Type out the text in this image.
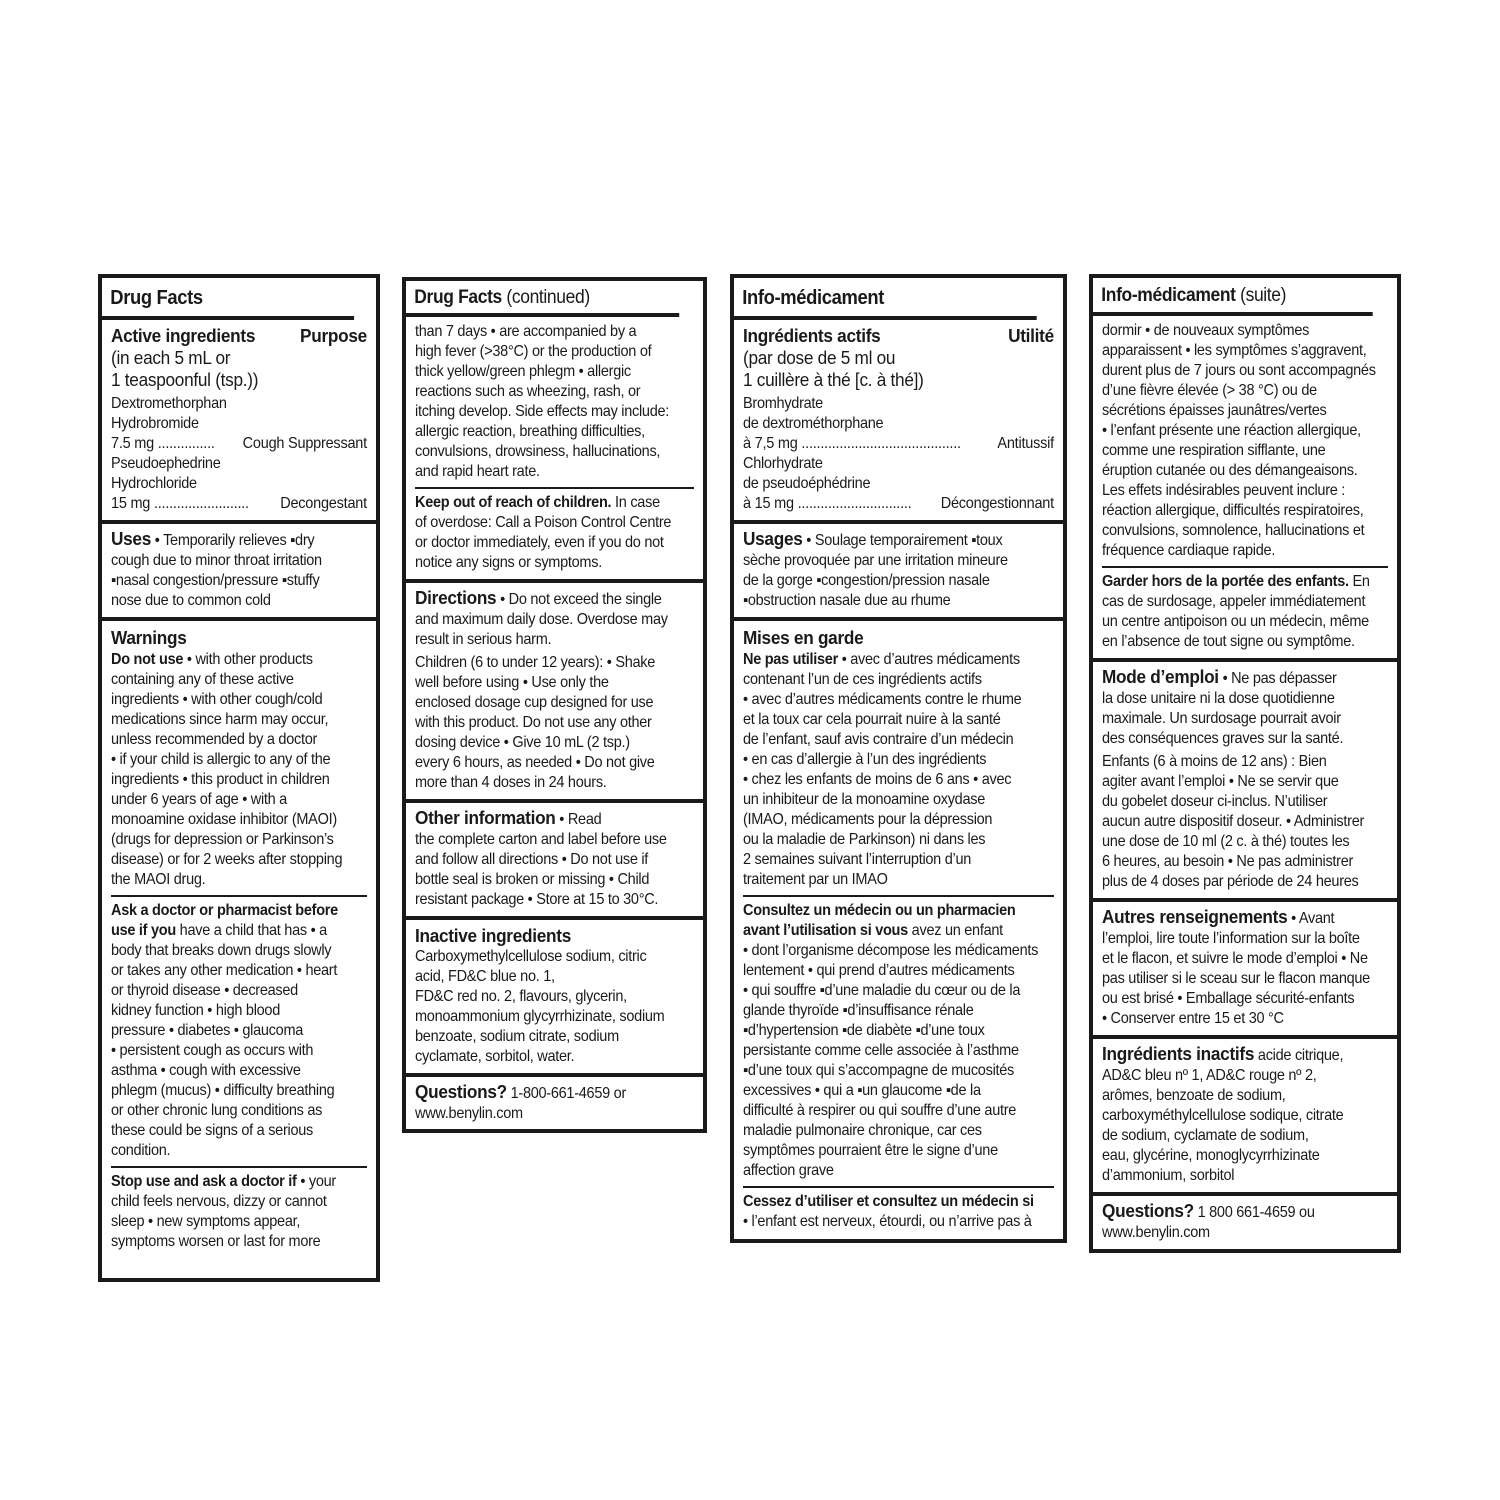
Drug Facts
Active ingredients Purpose
(in each 5 mL or
1 teaspoonful (tsp.))
Dextromethorphan
Hydrobromide
7.5 mg ............... Cough Suppressant
Pseudoephedrine
Hydrochloride
15 mg ......................... Decongestant
Uses • Temporarily relieves ▪dry
cough due to minor throat irritation
▪nasal congestion/pressure ▪stuffy
nose due to common cold
Warnings
Do not use • with other products
containing any of these active
ingredients • with other cough/cold
medications since harm may occur,
unless recommended by a doctor
• if your child is allergic to any of the
ingredients • this product in children
under 6 years of age • with a
monoamine oxidase inhibitor (MAOI)
(drugs for depression or Parkinson’s
disease) or for 2 weeks after stopping
the MAOI drug.
Ask a doctor or pharmacist before
use if you have a child that has • a
body that breaks down drugs slowly
or takes any other medication • heart
or thyroid disease • decreased
kidney function • high blood
pressure • diabetes • glaucoma
• persistent cough as occurs with
asthma • cough with excessive
phlegm (mucus) • difficulty breathing
or other chronic lung conditions as
these could be signs of a serious
condition.
Stop use and ask a doctor if • your
child feels nervous, dizzy or cannot
sleep • new symptoms appear,
symptoms worsen or last for more
Drug Facts (continued)
than 7 days • are accompanied by a
high fever (>38°C) or the production of
thick yellow/green phlegm • allergic
reactions such as wheezing, rash, or
itching develop. Side effects may include:
allergic reaction, breathing difficulties,
convulsions, drowsiness, hallucinations,
and rapid heart rate.
Keep out of reach of children. In case
of overdose: Call a Poison Control Centre
or doctor immediately, even if you do not
notice any signs or symptoms.
Directions • Do not exceed the single
and maximum daily dose. Overdose may
result in serious harm.
Children (6 to under 12 years): • Shake
well before using • Use only the
enclosed dosage cup designed for use
with this product. Do not use any other
dosing device • Give 10 mL (2 tsp.)
every 6 hours, as needed • Do not give
more than 4 doses in 24 hours.
Other information • Read
the complete carton and label before use
and follow all directions • Do not use if
bottle seal is broken or missing • Child
resistant package • Store at 15 to 30°C.
Inactive ingredients
Carboxymethylcellulose sodium, citric
acid, FD&C blue no. 1,
FD&C red no. 2, flavours, glycerin,
monoammonium glycyrrhizinate, sodium
benzoate, sodium citrate, sodium
cyclamate, sorbitol, water.
Questions? 1-800-661-4659 or
www.benylin.com
Info-médicament
Ingrédients actifs	Utilité
(par dose de 5 ml ou
1 cuillère à thé [c. à thé])
Bromhydrate
de dextrométhorphane
à 7,5 mg .......................................... Antitussif
Chlorhydrate
de pseudoéphédrine
à 15 mg .............................. Décongestionnant
Usages • Soulage temporairement ▪toux
sèche provoquée par une irritation mineure
de la gorge ▪congestion/pression nasale
▪obstruction nasale due au rhume
Mises en garde
Ne pas utiliser • avec d’autres médicaments
contenant l’un de ces ingrédients actifs
• avec d’autres médicaments contre le rhume
et la toux car cela pourrait nuire à la santé
de l’enfant, sauf avis contraire d’un médecin
• en cas d’allergie à l’un des ingrédients
• chez les enfants de moins de 6 ans • avec
un inhibiteur de la monoamine oxydase
(IMAO, médicaments pour la dépression
ou la maladie de Parkinson) ni dans les
2 semaines suivant l’interruption d’un
traitement par un IMAO
Consultez un médecin ou un pharmacien
avant l’utilisation si vous avez un enfant
• dont l’organisme décompose les médicaments
lentement • qui prend d’autres médicaments
• qui souffre ▪d’une maladie du cœur ou de la
glande thyroïde ▪d’insuffisance rénale
▪d’hypertension ▪de diabète ▪d’une toux
persistante comme celle associée à l’asthme
▪d’une toux qui s’accompagne de mucosités
excessives • qui a ▪un glaucome ▪de la
difficulté à respirer ou qui souffre d’une autre
maladie pulmonaire chronique, car ces
symptômes pourraient être le signe d’une
affection grave
Cessez d’utiliser et consultez un médecin si
• l’enfant est nerveux, étourdi, ou n’arrive pas à
Info-médicament (suite)
dormir • de nouveaux symptômes
apparaissent • les symptômes s’aggravent,
durent plus de 7 jours ou sont accompagnés
d’une fièvre élevée (> 38 °C) ou de
sécrétions épaisses jaunâtres/vertes
• l’enfant présente une réaction allergique,
comme une respiration sifflante, une
éruption cutanée ou des démangeaisons.
Les effets indésirables peuvent inclure :
réaction allergique, difficultés respiratoires,
convulsions, somnolence, hallucinations et
fréquence cardiaque rapide.
Garder hors de la portée des enfants. En
cas de surdosage, appeler immédiatement
un centre antipoison ou un médecin, même
en l’absence de tout signe ou symptôme.
Mode d’emploi • Ne pas dépasser
la dose unitaire ni la dose quotidienne
maximale. Un surdosage pourrait avoir
des conséquences graves sur la santé.
Enfants (6 à moins de 12 ans) : Bien
agiter avant l’emploi • Ne se servir que
du gobelet doseur ci-inclus. N’utiliser
aucun autre dispositif doseur. • Administrer
une dose de 10 ml (2 c. à thé) toutes les
6 heures, au besoin • Ne pas administrer
plus de 4 doses par période de 24 heures
Autres renseignements • Avant
l’emploi, lire toute l’information sur la boîte
et le flacon, et suivre le mode d’emploi • Ne
pas utiliser si le sceau sur le flacon manque
ou est brisé • Emballage sécurité-enfants
• Conserver entre 15 et 30 °C
Ingrédients inactifs acide citrique,
AD&C bleu nº 1, AD&C rouge nº 2,
arômes, benzoate de sodium,
carboxyméthylcellulose sodique, citrate
de sodium, cyclamate de sodium,
eau, glycérine, monoglycyrrhizinate
d’ammonium, sorbitol
Questions? 1 800 661-4659 ou
www.benylin.com
